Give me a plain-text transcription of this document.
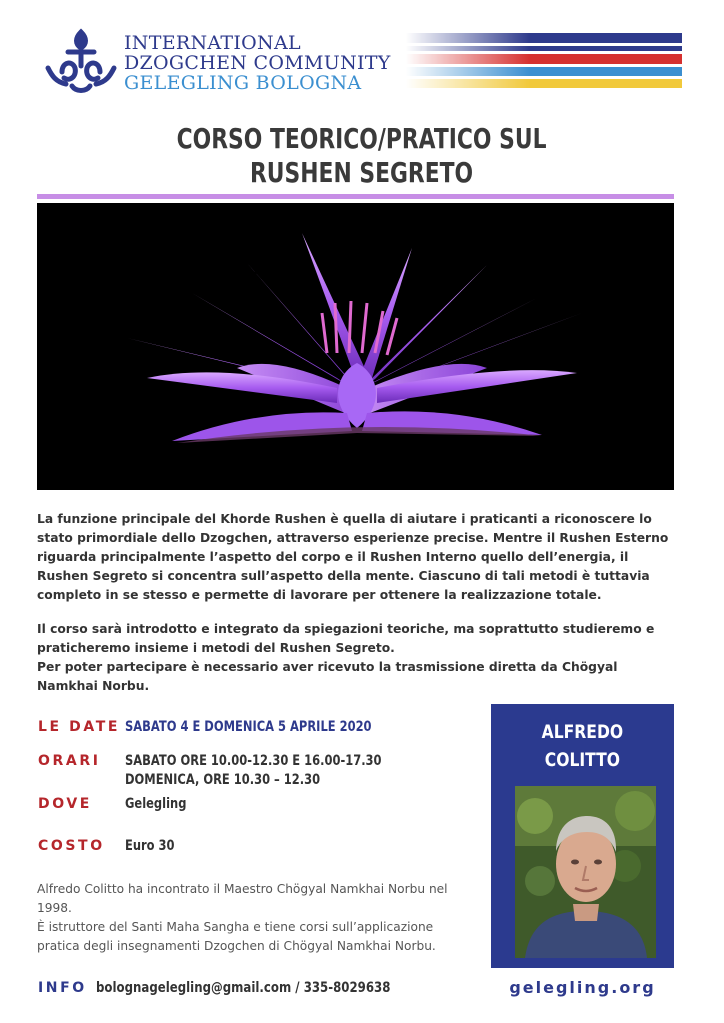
INTERNATIONAL
DZOGCHEN COMMUNITY
GELEGLING BOLOGNA
CORSO TEORICO/PRATICO SUL
RUSHEN SEGRETO

La funzione principale del Khorde Rushen è quella di aiutare i praticanti a riconoscere lo stato primordiale dello Dzogchen, attraverso esperienze precise. Mentre il Rushen Esterno riguarda principalmente l’aspetto del corpo e il Rushen Interno quello dell’energia, il Rushen Segreto si concentra sull’aspetto della mente. Ciascuno di tali metodi è tuttavia completo in se stesso e permette di lavorare per ottenere la realizzazione totale.

Il corso sarà introdotto e integrato da spiegazioni teoriche, ma soprattutto studieremo e praticheremo insieme i metodi del Rushen Segreto.

Per poter partecipare è necessario aver ricevuto la trasmissione diretta da Chögyal Namkhai Norbu.

LE DATE SABATO 4 E DOMENICA 5 APRILE 2020
ORARI SABATO ORE 10.00-12.30 E 16.00-17.30
DOMENICA, ORE 10.30 – 12.30
DOVE Gelegling
COSTO Euro 30

Alfredo Colitto ha incontrato il Maestro Chögyal Namkhai Norbu nel 1998.

È istruttore del Santi Maha Sangha e tiene corsi sull’applicazione pratica degli insegnamenti Dzogchen di Chögyal Namkhai Norbu.

INFO bolognagelegling@gmail.com / 335-8029638
ALFREDO
COLITTO
gelegling.org
